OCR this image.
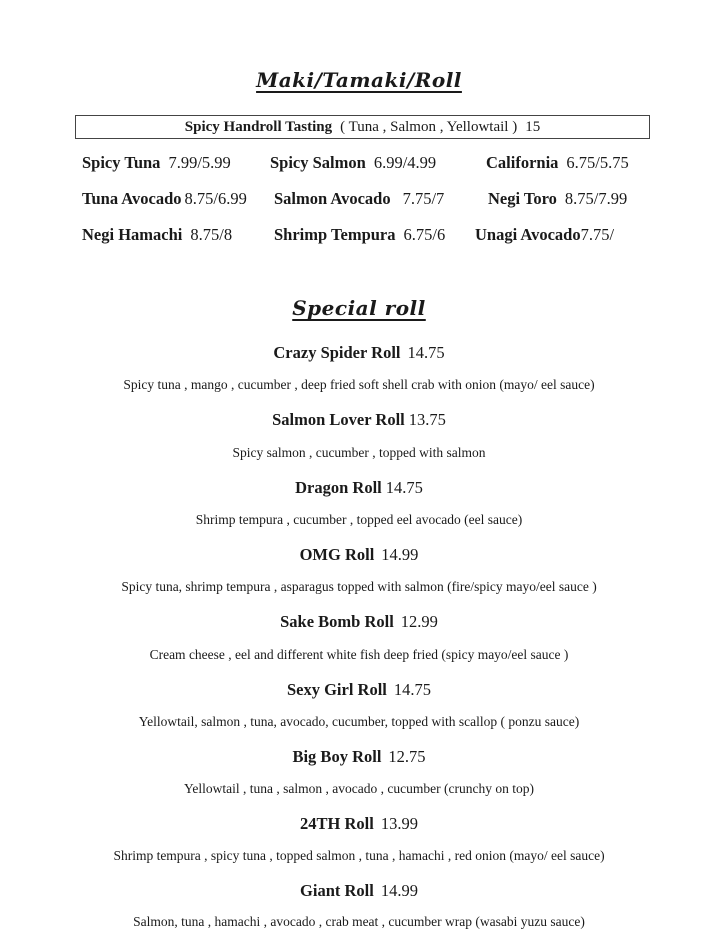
Maki/Tamaki/Roll
Spicy Handroll Tasting ( Tuna , Salmon , Yellowtail ) 15
Spicy Tuna 7.99/5.99 Spicy Salmon 6.99/4.99	California 6.75/5.75
Tuna Avocado 8.75/6.99 Salmon Avocado 7.75/7	Negi Toro 8.75/7.99
Negi Hamachi 8.75/8	Shrimp Tempura 6.75/6 Unagi Avocado7.75/
Special roll
Crazy Spider Roll 14.75
Spicy tuna , mango , cucumber , deep fried soft shell crab with onion (mayo/ eel sauce)
Salmon Lover Roll 13.75
Spicy salmon , cucumber , topped with salmon
Dragon Roll 14.75
Shrimp tempura , cucumber , topped eel avocado (eel sauce)
OMG Roll 14.99
Spicy tuna, shrimp tempura , asparagus topped with salmon (fire/spicy mayo/eel sauce )
Sake Bomb Roll 12.99
Cream cheese , eel and different white fish deep fried (spicy mayo/eel sauce )
Sexy Girl Roll 14.75
Yellowtail, salmon , tuna, avocado, cucumber, topped with scallop ( ponzu sauce)
Big Boy Roll 12.75
Yellowtail , tuna , salmon , avocado , cucumber (crunchy on top)
24TH Roll 13.99
Shrimp tempura , spicy tuna , topped salmon , tuna , hamachi , red onion (mayo/ eel sauce)
Giant Roll 14.99
Salmon, tuna , hamachi , avocado , crab meat , cucumber wrap (wasabi yuzu sauce)
